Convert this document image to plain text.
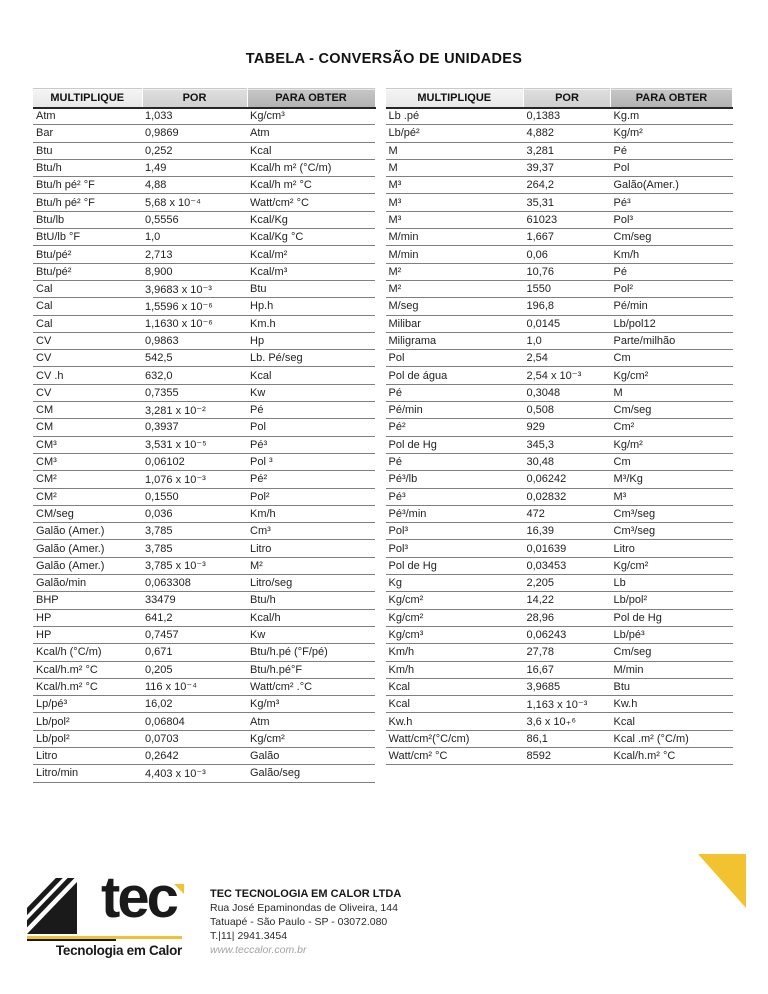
TABELA - CONVERSÃO DE UNIDADES
MULTIPLIQUE	POR	PARA OBTER
Atm	1,033	Kg/cm³
Bar	0,9869	Atm
Btu	0,252	Kcal
Btu/h	1,49	Kcal/h m² (°C/m)
Btu/h pé² °F	4,88	Kcal/h m² °C
Btu/h pé² °F	5,68 x 10⁻⁴	Watt/cm² °C
Btu/lb	0,5556	Kcal/Kg
BtU/lb °F	1,0	Kcal/Kg °C
Btu/pé²	2,713	Kcal/m²
Btu/pé²	8,900	Kcal/m³
Cal	3,9683 x 10⁻³	Btu
Cal	1,5596 x 10⁻⁶	Hp.h
Cal	1,1630 x 10⁻⁶	Km.h
CV	0,9863	Hp
CV	542,5	Lb. Pé/seg
CV .h	632,0	Kcal
CV	0,7355	Kw
CM	3,281 x 10⁻²	Pé
CM	0,3937	Pol
CM³	3,531 x 10⁻⁵	Pé³
CM³	0,06102	Pol ³
CM²	1,076 x 10⁻³	Pé²
CM²	0,1550	Pol²
CM/seg	0,036	Km/h
Galão (Amer.)	3,785	Cm³
Galão (Amer.)	3,785	Litro
Galão (Amer.)	3,785 x 10⁻³	M²
Galão/min	0,063308	Litro/seg
BHP	33479	Btu/h
HP	641,2	Kcal/h
HP	0,7457	Kw
Kcal/h (°C/m)	0,671	Btu/h.pé (°F/pé)
Kcal/h.m² °C	0,205	Btu/h.pé°F
Kcal/h.m² °C	116 x 10⁻⁴	Watt/cm² .°C
Lp/pé³	16,02	Kg/m³
Lb/pol²	0,06804	Atm
Lb/pol²	0,0703	Kg/cm²
Litro	0,2642	Galão
Litro/min	4,403 x 10⁻³	Galão/seg
MULTIPLIQUE	POR	PARA OBTER
Lb .pé	0,1383	Kg.m
Lb/pé²	4,882	Kg/m²
M	3,281	Pé
M	39,37	Pol
M³	264,2	Galão(Amer.)
M³	35,31	Pé³
M³	61023	Pol³
M/min	1,667	Cm/seg
M/min	0,06	Km/h
M²	10,76	Pé
M²	1550	Pol²
M/seg	196,8	Pé/min
Milibar	0,0145	Lb/pol12
Miligrama	1,0	Parte/milhão
Pol	2,54	Cm
Pol de água	2,54 x 10⁻³	Kg/cm²
Pé	0,3048	M
Pé/min	0,508	Cm/seg
Pé²	929	Cm²
Pol de Hg	345,3	Kg/m²
Pé	30,48	Cm
Pé³/lb	0,06242	M³/Kg
Pé³	0,02832	M³
Pé³/min	472	Cm³/seg
Pol³	16,39	Cm³/seg
Pol³	0,01639	Litro
Pol de Hg	0,03453	Kg/cm²
Kg	2,205	Lb
Kg/cm²	14,22	Lb/pol²
Kg/cm²	28,96	Pol de Hg
Kg/cm³	0,06243	Lb/pé³
Km/h	27,78	Cm/seg
Km/h	16,67	M/min
Kcal	3,9685	Btu
Kcal	1,163 x 10⁻³	Kw.h
Kw.h	3,6 x 10₊⁶	Kcal
Watt/cm²(°C/cm)	86,1	Kcal .m² (°C/m)
Watt/cm² °C	8592	Kcal/h.m² °C
tec
Tecnologia em Calor
TEC TECNOLOGIA EM CALOR LTDA
Rua José Epaminondas de Oliveira, 144
Tatuapé - São Paulo - SP - 03072.080
T.|11| 2941.3454
www.teccalor.com.br
